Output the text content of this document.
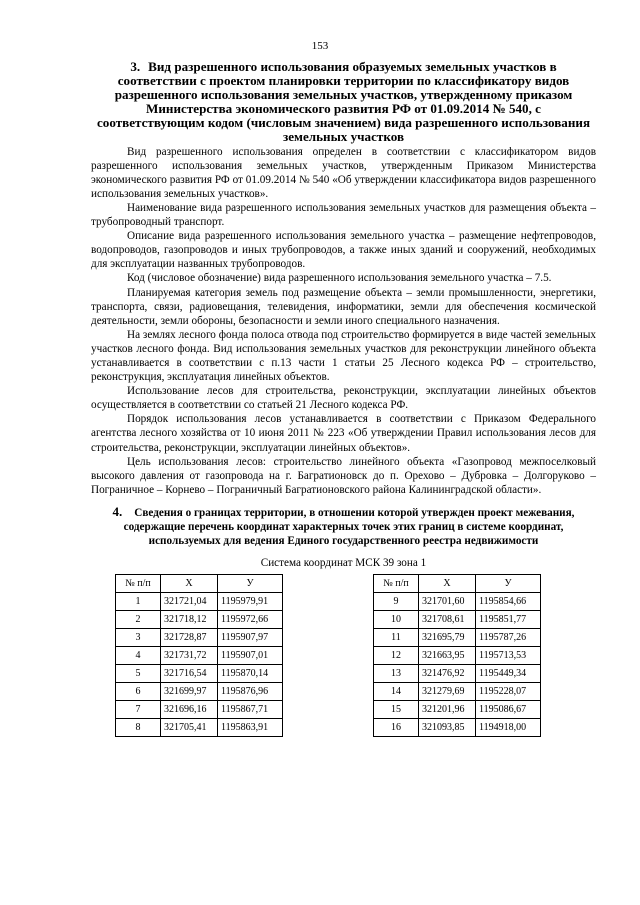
153
3. Вид разрешенного использования образуемых земельных участков в соответствии с проектом планировки территории по классификатору видов разрешенного использования земельных участков, утвержденному приказом Министерства экономического развития РФ от 01.09.2014 № 540, с соответствующим кодом (числовым значением) вида разрешенного использования земельных участков

Вид разрешенного использования определен в соответствии с классификатором видов разрешенного использования земельных участков, утвержденным Приказом Министерства экономического развития РФ от 01.09.2014 № 540 «Об утверждении классификатора видов разрешенного использования земельных участков».

Наименование вида разрешенного использования земельных участков для размещения объекта – трубопроводный транспорт.

Описание вида разрешенного использования земельного участка – размещение нефтепроводов, водопроводов, газопроводов и иных трубопроводов, а также иных зданий и сооружений, необходимых для эксплуатации названных трубопроводов.

Код (числовое обозначение) вида разрешенного использования земельного участка – 7.5.

Планируемая категория земель под размещение объекта – земли промышленности, энергетики, транспорта, связи, радиовещания, телевидения, информатики, земли для обеспечения космической деятельности, земли обороны, безопасности и земли иного специального назначения.

На землях лесного фонда полоса отвода под строительство формируется в виде частей земельных участков лесного фонда. Вид использования земельных участков для реконструкции линейного объекта устанавливается в соответствии с п.13 части 1 статьи 25 Лесного кодекса РФ – строительство, реконструкция, эксплуатация линейных объектов.

Использование лесов для строительства, реконструкции, эксплуатации линейных объектов осуществляется в соответствии со статьей 21 Лесного кодекса РФ.

Порядок использования лесов устанавливается в соответствии с Приказом Федерального агентства лесного хозяйства от 10 июня 2011 № 223 «Об утверждении Правил использования лесов для строительства, реконструкции, эксплуатации линейных объектов».

Цель использования лесов: строительство линейного объекта «Газопровод межпоселковый высокого давления от газопровода на г. Багратионовск до п. Орехово – Дубровка – Долгоруково – Пограничное – Корнево – Пограничный Багратионовского района Калининградской области».

4. Сведения о границах территории, в отношении которой утвержден проект межевания, содержащие перечень координат характерных точек этих границ в системе координат, используемых для ведения Единого государственного реестра недвижимости
Система координат МСК 39 зона 1
№ п/п	Х	У
1	321721,04	1195979,91
2	321718,12	1195972,66
3	321728,87	1195907,97
4	321731,72	1195907,01
5	321716,54	1195870,14
6	321699,97	1195876,96
7	321696,16	1195867,71
8	321705,41	1195863,91
№ п/п	Х	У
9	321701,60	1195854,66
10	321708,61	1195851,77
11	321695,79	1195787,26
12	321663,95	1195713,53
13	321476,92	1195449,34
14	321279,69	1195228,07
15	321201,96	1195086,67
16	321093,85	1194918,00
